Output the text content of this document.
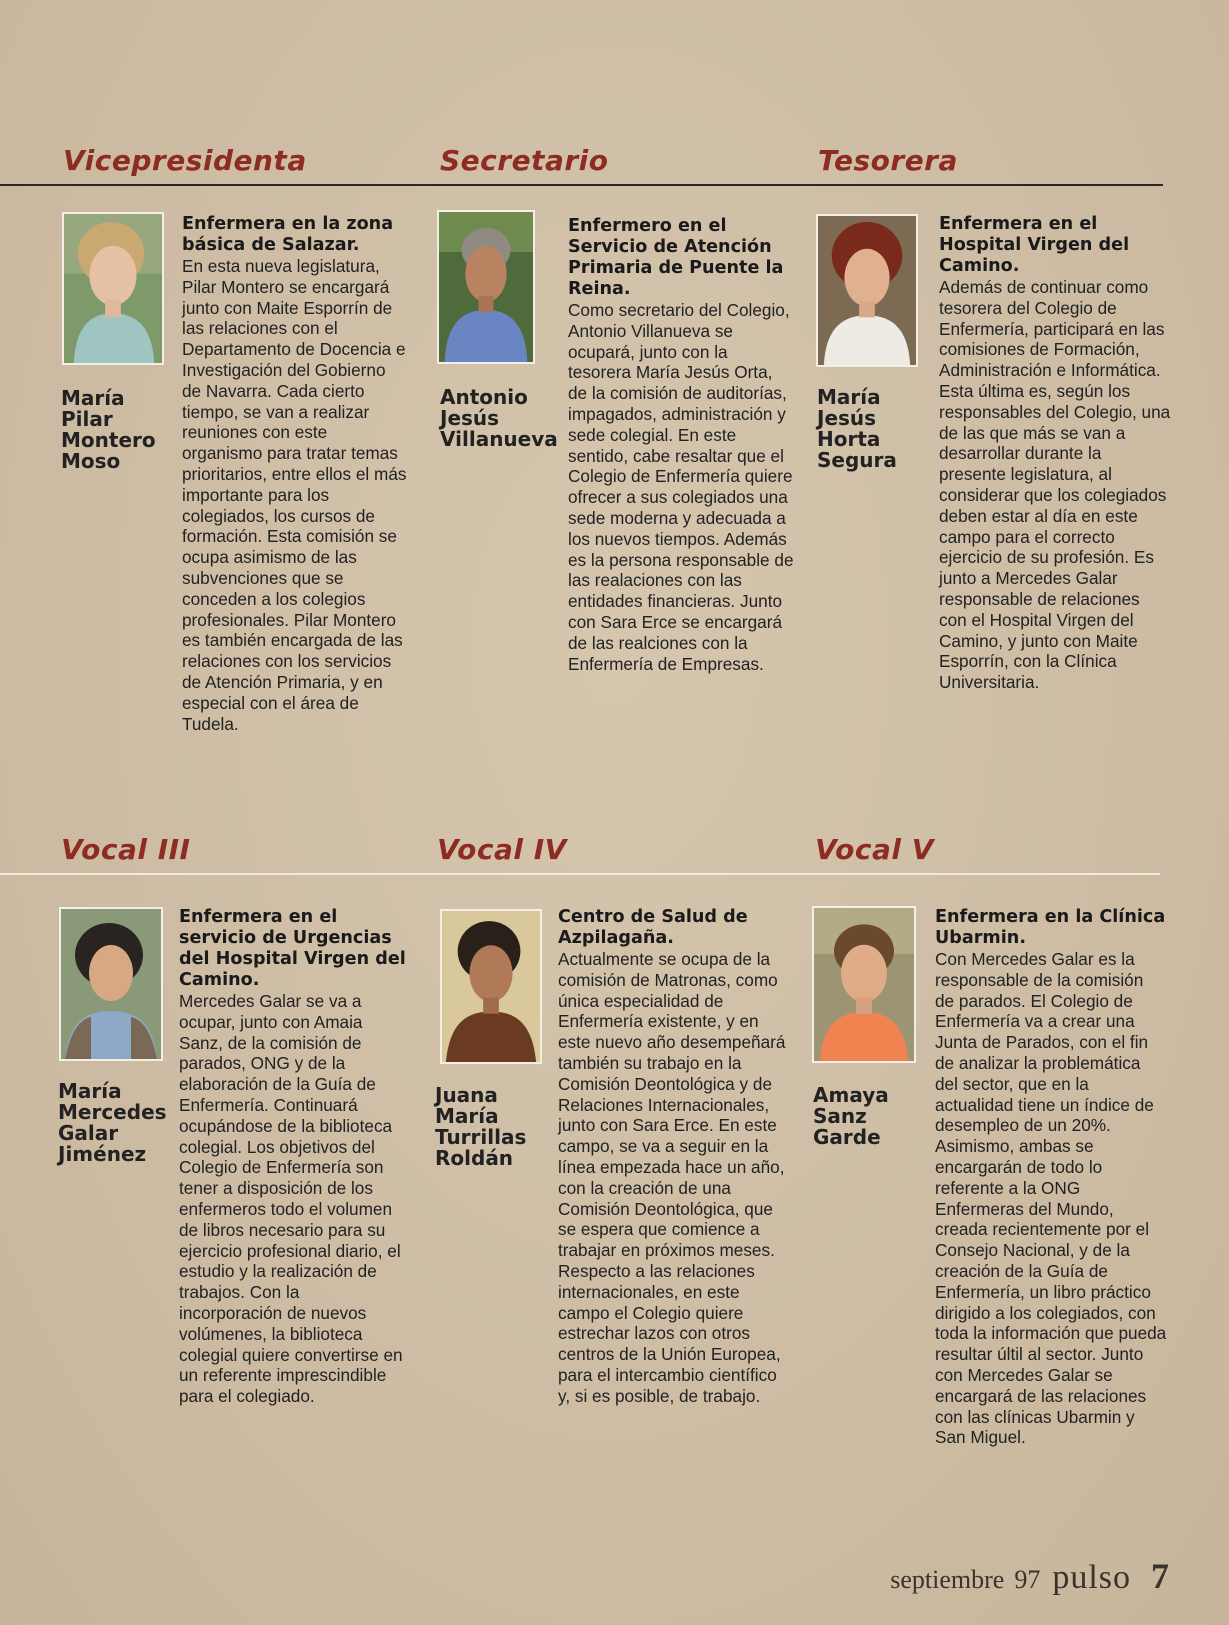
Vicepresidenta
María Pilar Montero Moso
Enfermera en la zona básica de Salazar.
En esta nueva legislatura, Pilar Montero se encargará junto con Maite Esporrín de las relaciones con el Departamento de Docencia e Investigación del Gobierno de Navarra. Cada cierto tiempo, se van a realizar reuniones con este organismo para tratar temas prioritarios, entre ellos el más importante para los colegiados, los cursos de formación. Esta comisión se ocupa asimismo de las subvenciones que se conceden a los colegios profesionales. Pilar Montero es también encargada de las relaciones con los servicios de Atención Primaria, y en especial con el área de Tudela.
Secretario
Antonio Jesús Villanueva
Enfermero en el Servicio de Atención Primaria de Puente la Reina.
Como secretario del Colegio, Antonio Villanueva se ocupará, junto con la tesorera María Jesús Orta, de la comisión de auditorías, impagados, administración y sede colegial. En este sentido, cabe resaltar que el Colegio de Enfermería quiere ofrecer a sus colegiados una sede moderna y adecuada a los nuevos tiempos. Además es la persona responsable de las realaciones con las entidades financieras. Junto con Sara Erce se encargará de las realciones con la Enfermería de Empresas.
Tesorera
María Jesús Horta Segura
Enfermera en el Hospital Virgen del Camino.
Además de continuar como tesorera del Colegio de Enfermería, participará en las comisiones de Formación, Administración e Informática. Esta última es, según los responsables del Colegio, una de las que más se van a desarrollar durante la presente legislatura, al considerar que los colegiados deben estar al día en este campo para el correcto ejercicio de su profesión. Es junto a Mercedes Galar responsable de relaciones con el Hospital Virgen del Camino, y junto con Maite Esporrín, con la Clínica Universitaria.
Vocal III
María Mercedes Galar Jiménez
Enfermera en el servicio de Urgencias del Hospital Virgen del Camino.
Mercedes Galar se va a ocupar, junto con Amaia Sanz, de la comisión de parados, ONG y de la elaboración de la Guía de Enfermería. Continuará ocupándose de la biblioteca colegial. Los objetivos del Colegio de Enfermería son tener a disposición de los enfermeros todo el volumen de libros necesario para su ejercicio profesional diario, el estudio y la realización de trabajos. Con la incorporación de nuevos volúmenes, la biblioteca colegial quiere convertirse en un referente imprescindible para el colegiado.
Vocal IV
Juana María Turrillas Roldán
Centro de Salud de Azpilagaña.
Actualmente se ocupa de la comisión de Matronas, como única especialidad de Enfermería existente, y en este nuevo año desempeñará también su trabajo en la Comisión Deontológica y de Relaciones Internacionales, junto con Sara Erce. En este campo, se va a seguir en la línea empezada hace un año, con la creación de una Comisión Deontológica, que se espera que comience a trabajar en próximos meses. Respecto a las relaciones internacionales, en este campo el Colegio quiere estrechar lazos con otros centros de la Unión Europea, para el intercambio científico y, si es posible, de trabajo.
Vocal V
Amaya Sanz Garde
Enfermera en la Clínica Ubarmin.
Con Mercedes Galar es la responsable de la comisión de parados. El Colegio de Enfermería va a crear una Junta de Parados, con el fin de analizar la problemática del sector, que en la actualidad tiene un índice de desempleo de un 20%. Asimismo, ambas se encargarán de todo lo referente a la ONG Enfermeras del Mundo, creada recientemente por el Consejo Nacional, y de la creación de la Guía de Enfermería, un libro práctico dirigido a los colegiados, con toda la información que pueda resultar últil al sector. Junto con Mercedes Galar se encargará de las relaciones con las clínicas Ubarmin y San Miguel.
septiembre 97 pulso 7
